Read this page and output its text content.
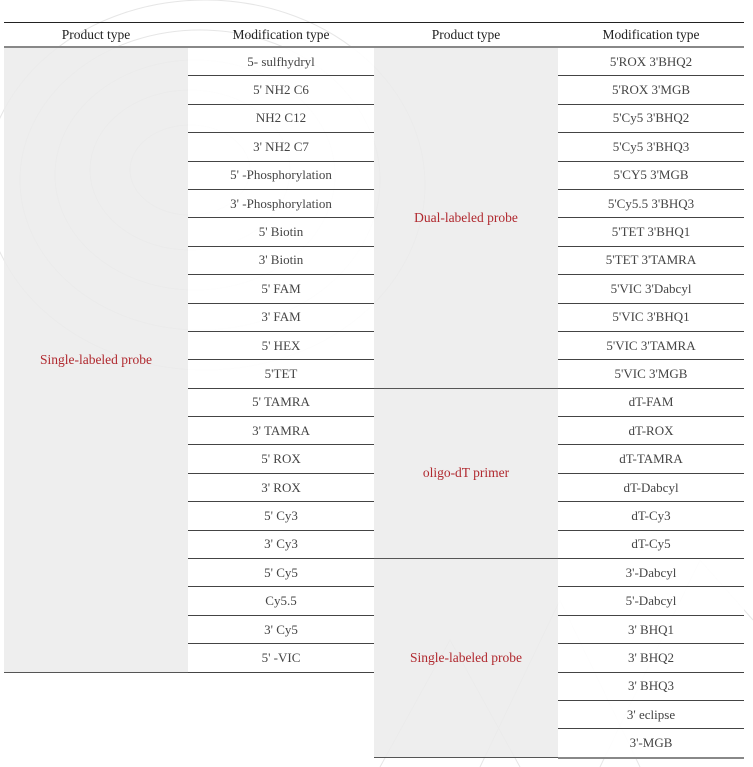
Product type	Modification type	Product type	Modification type
Single-labeled probe	5- sulfhydryl	Dual-labeled probe	5'ROX 3'BHQ2
	5' NH2 C6		5'ROX 3'MGB
	NH2 C12		5'Cy5 3'BHQ2
	3' NH2 C7		5'Cy5 3'BHQ3
	5' -Phosphorylation		5'CY5 3'MGB
	3' -Phosphorylation		5'Cy5.5 3'BHQ3
	5' Biotin		5'TET 3'BHQ1
	3' Biotin		5'TET 3'TAMRA
	5' FAM		5'VIC 3'Dabcyl
	3' FAM		5'VIC 3'BHQ1
	5' HEX		5'VIC 3'TAMRA
	5'TET		5'VIC 3'MGB
	5' TAMRA	oligo-dT primer	dT-FAM
	3' TAMRA		dT-ROX
	5' ROX		dT-TAMRA
	3' ROX		dT-Dabcyl
	5' Cy3		dT-Cy3
	3' Cy3		dT-Cy5
	5' Cy5	Single-labeled probe	3'-Dabcyl
	Cy5.5		5'-Dabcyl
	3' Cy5		3' BHQ1
	5' -VIC		3' BHQ2
			3' BHQ3
			3' eclipse
			3'-MGB
